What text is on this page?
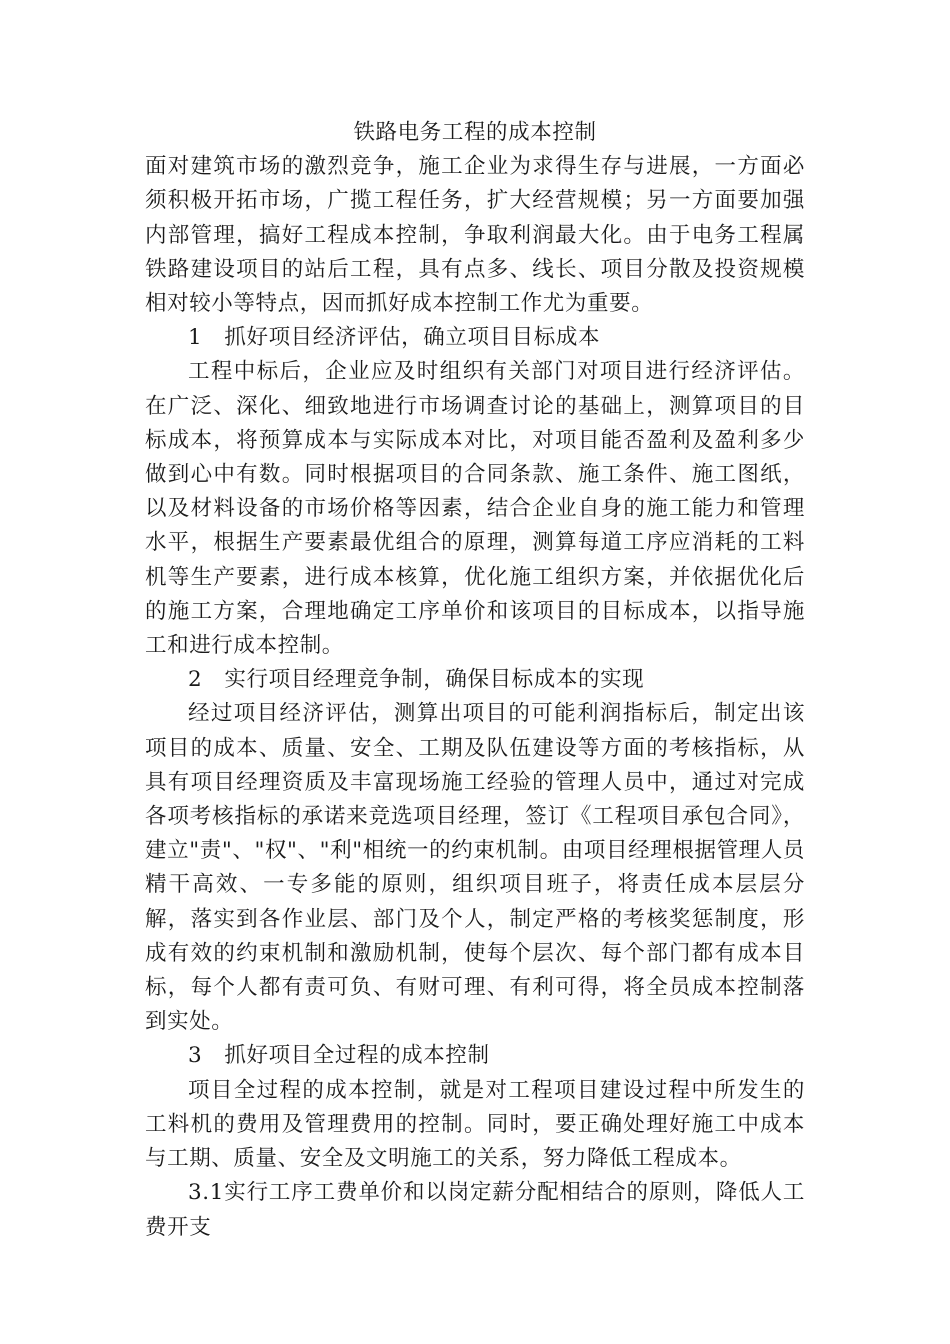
铁路电务工程的成本控制

面对建筑市场的激烈竞争，施工企业为求得生存与进展，一方面必须积极开拓市场，广揽工程任务，扩大经营规模；另一方面要加强内部管理，搞好工程成本控制，争取利润最大化。由于电务工程属铁路建设项目的站后工程，具有点多、线长、项目分散及投资规模相对较小等特点，因而抓好成本控制工作尤为重要。

1　抓好项目经济评估，确立项目目标成本

工程中标后，企业应及时组织有关部门对项目进行经济评估。在广泛、深化、细致地进行市场调查讨论的基础上，测算项目的目标成本，将预算成本与实际成本对比，对项目能否盈利及盈利多少做到心中有数。同时根据项目的合同条款、施工条件、施工图纸，以及材料设备的市场价格等因素，结合企业自身的施工能力和管理水平，根据生产要素最优组合的原理，测算每道工序应消耗的工料机等生产要素，进行成本核算，优化施工组织方案，并依据优化后的施工方案，合理地确定工序单价和该项目的目标成本，以指导施工和进行成本控制。

2　实行项目经理竞争制，确保目标成本的实现

经过项目经济评估，测算出项目的可能利润指标后，制定出该项目的成本、质量、安全、工期及队伍建设等方面的考核指标，从具有项目经理资质及丰富现场施工经验的管理人员中，通过对完成各项考核指标的承诺来竞选项目经理，签订《工程项目承包合同》，建立"责"、"权"、"利"相统一的约束机制。由项目经理根据管理人员精干高效、一专多能的原则，组织项目班子，将责任成本层层分解，落实到各作业层、部门及个人，制定严格的考核奖惩制度，形成有效的约束机制和激励机制，使每个层次、每个部门都有成本目标，每个人都有责可负、有财可理、有利可得，将全员成本控制落到实处。

3　抓好项目全过程的成本控制

项目全过程的成本控制，就是对工程项目建设过程中所发生的工料机的费用及管理费用的控制。同时，要正确处理好施工中成本与工期、质量、安全及文明施工的关系，努力降低工程成本。

3.1实行工序工费单价和以岗定薪分配相结合的原则，降低人工费开支
